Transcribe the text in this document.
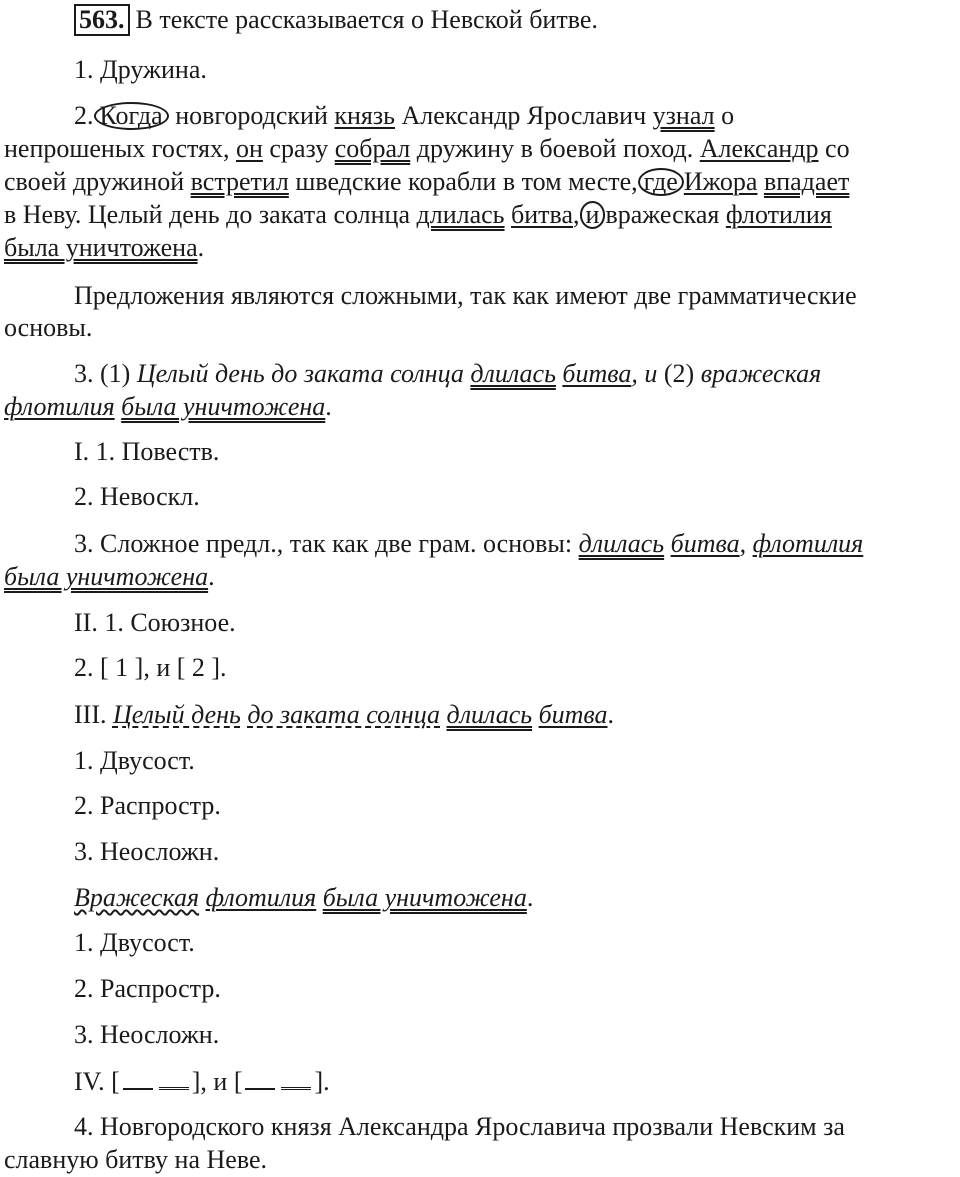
563. В тексте рассказывается о Невской битве.
1. Дружина.
2. Когда новгородский князь Александр Ярославич узнал о
непрошеных гостях, он сразу собрал дружину в боевой поход. Александр со
своей дружиной встретил шведские корабли в том месте, где Ижора впадает
в Неву. Целый день до заката солнца длилась битва, и вражеская флотилия
была уничтожена.
Предложения являются сложными, так как имеют две грамматические
основы.
3. (1) Целый день до заката солнца длилась битва, и (2) вражеская
флотилия была уничтожена.
I. 1. Повеств.
2. Невоскл.
3. Сложное предл., так как две грам. основы: длилась битва, флотилия
была уничтожена.
II. 1. Союзное.
2. [ 1 ], и [ 2 ].
III. Целый день до заката солнца длилась битва.
1. Двусост.
2. Распростр.
3. Неосложн.
Вражеская флотилия была уничтожена.
1. Двусост.
2. Распростр.
3. Неосложн.
IV. [	], и [	].
4. Новгородского князя Александра Ярославича прозвали Невским за
славную битву на Неве.
